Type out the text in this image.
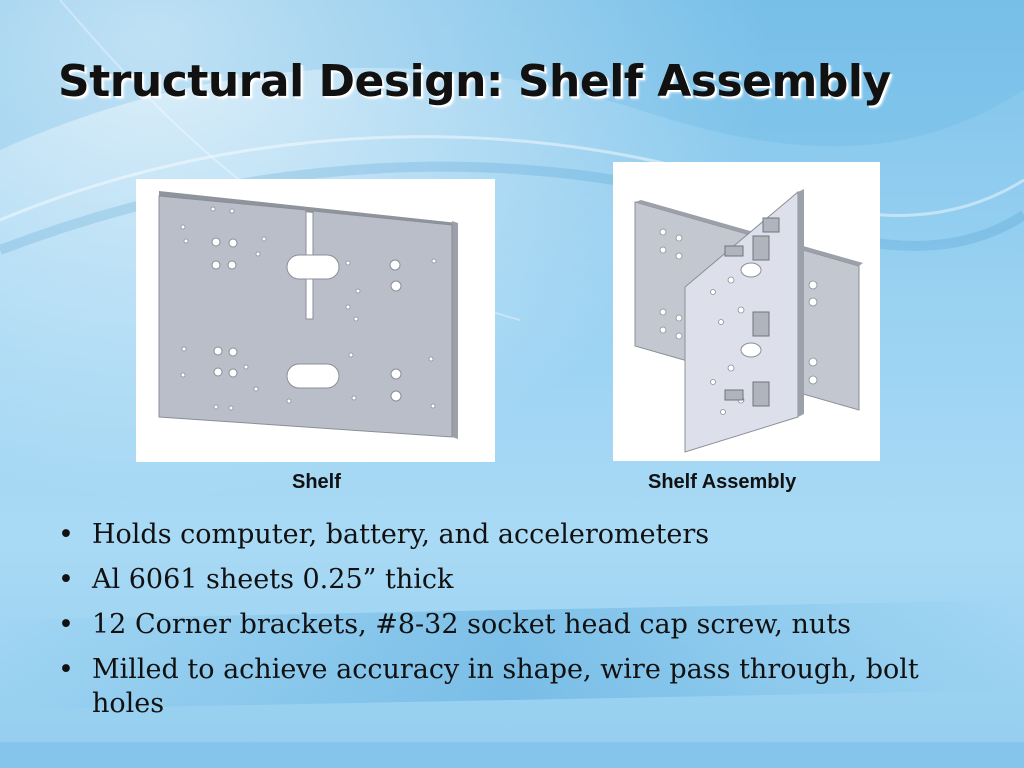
Structural Design: Shelf Assembly
Shelf	Shelf Assembly
• Holds computer, battery, and accelerometers
• Al 6061 sheets 0.25” thick
• 12 Corner brackets, #8-32 socket head cap screw, nuts
• Milled to achieve accuracy in shape, wire pass through, bolt holes
